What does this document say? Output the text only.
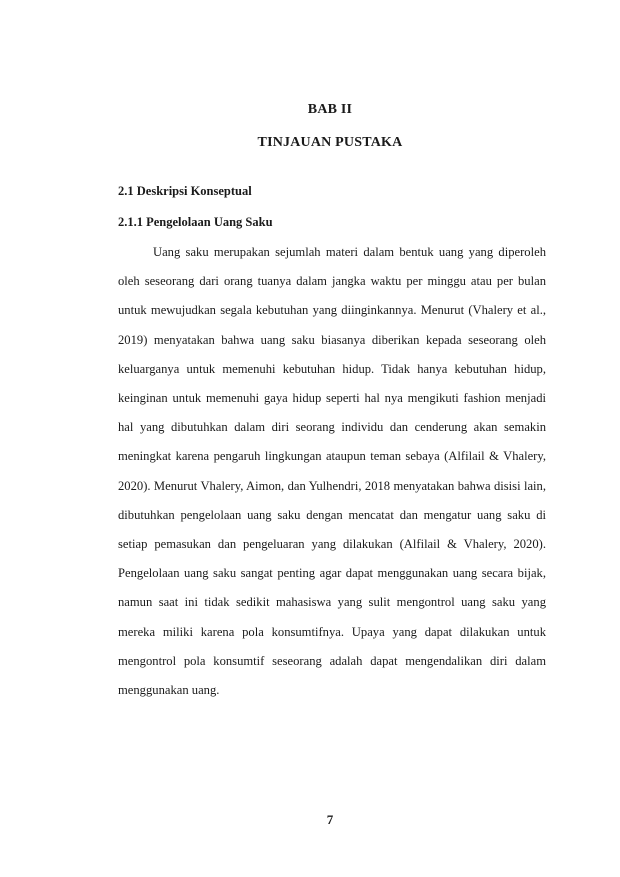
BAB II
TINJAUAN PUSTAKA
2.1 Deskripsi Konseptual
2.1.1 Pengelolaan Uang Saku

Uang saku merupakan sejumlah materi dalam bentuk uang yang diperoleh oleh seseorang dari orang tuanya dalam jangka waktu per minggu atau per bulan untuk mewujudkan segala kebutuhan yang diinginkannya. Menurut (Vhalery et al., 2019) menyatakan bahwa uang saku biasanya diberikan kepada seseorang oleh keluarganya untuk memenuhi kebutuhan hidup. Tidak hanya kebutuhan hidup, keinginan untuk memenuhi gaya hidup seperti hal nya mengikuti fashion menjadi hal yang dibutuhkan dalam diri seorang individu dan cenderung akan semakin meningkat karena pengaruh lingkungan ataupun teman sebaya (Alfilail & Vhalery, 2020). Menurut Vhalery, Aimon, dan Yulhendri, 2018 menyatakan bahwa disisi lain, dibutuhkan pengelolaan uang saku dengan mencatat dan mengatur uang saku di setiap pemasukan dan pengeluaran yang dilakukan (Alfilail & Vhalery, 2020). Pengelolaan uang saku sangat penting agar dapat menggunakan uang secara bijak, namun saat ini tidak sedikit mahasiswa yang sulit mengontrol uang saku yang mereka miliki karena pola konsumtifnya. Upaya yang dapat dilakukan untuk mengontrol pola konsumtif seseorang adalah dapat mengendalikan diri dalam menggunakan uang.

7
